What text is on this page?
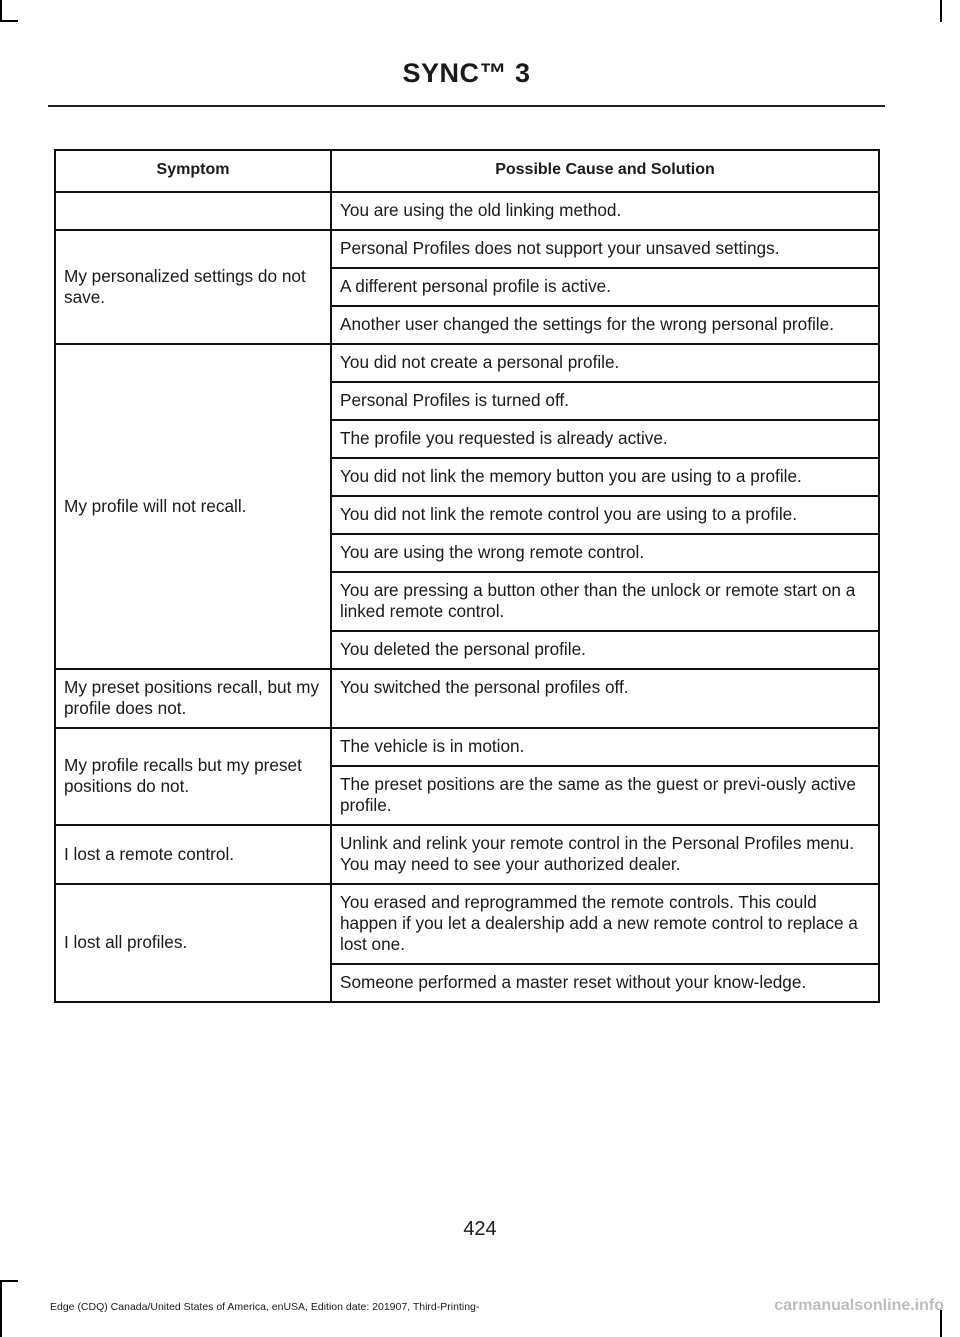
SYNC™ 3
Symptom	Possible Cause and Solution
	You are using the old linking method.
My personalized settings do not save.	Personal Profiles does not support your unsaved settings.
	A different personal profile is active.
	Another user changed the settings for the wrong personal profile.
My profile will not recall.	You did not create a personal profile.
	Personal Profiles is turned off.
	The profile you requested is already active.
	You did not link the memory button you are using to a profile.
	You did not link the remote control you are using to a profile.
	You are using the wrong remote control.
	You are pressing a button other than the unlock or remote start on a linked remote control.
	You deleted the personal profile.
My preset positions recall, but my profile does not.	You switched the personal profiles off.
My profile recalls but my preset positions do not.	The vehicle is in motion.
	The preset positions are the same as the guest or previ-ously active profile.
I lost a remote control.	Unlink and relink your remote control in the Personal Profiles menu. You may need to see your authorized dealer.
I lost all profiles.	You erased and reprogrammed the remote controls. This could happen if you let a dealership add a new remote control to replace a lost one.
	Someone performed a master reset without your know-ledge.
424
Edge (CDQ) Canada/United States of America, enUSA, Edition date: 201907, Third-Printing-	carmanualsonline.info
